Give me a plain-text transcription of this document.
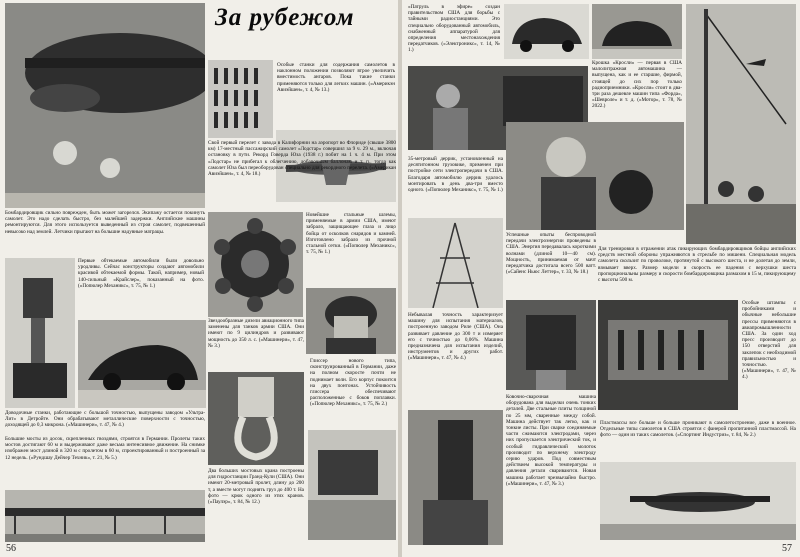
За рубежом
Бомбардировщик сильно поврежден, быть может загорелся. Экипажу остается покинуть самолет. Это надо сделать быстро, без малейшей задержки. Английские машины ремонтируются. Для этого используется выведенный из строя самолет, подвешенный невысоко над землей. Летчики прыгают на большие надувные матрацы.
Особые станки для содержания самолетов в наклонном положении позволяют втрое увеличить вместимость ангаров. Пока такие станки применяются только для легких машин. («Америкэн Авиэйшен», т. 4, № 13.)
Свой первый перелет с завода в Калифорнии на аэропорт во Флориде (свыше 3800 км) 17-местный пассажирский самолет «Лодстар» совершил за 9 ч. 29 м., включая остановку в пути. Рекорд Говерда Юза (1938 г.) побит на 1 ч. 4 м. При этом «Лодстар» не прибегал к облегчению, добавочным баллонам и т. п., тогда как самолет Юза был переоборудован специально для рекордного перелета. («Американ Авиэйшен», т. 4, № 18.)
Новейшие стальные шлемы, применяемые в армии США, имеют забрало, защищающее глаза и лицо бойца от осколков снарядов и камней. Изготовлено забрало из прочной стальной сетки. («Попюлер Механикс», т. 75, № 1.)
Звездообразные дизели авиационного типа заменены для танков армии США. Они имеют по 9 цилиндров и развивают мощность до 350 л. с. («Машинери», т. 47, № 3.)
Первые обтекаемые автомобили были довольно уродливы. Сейчас конструкторы создают автомобили красивой обтекаемой формы. Такой, например, новый 140-сильный «Крайслер», показанный на фото. («Попюлер Механикс», т. 75, № 1.)
Доводочные станки, работающие с большой точностью, выпущены заводом «Ультра-Лит» в Детройте. Они обрабатывают металлические поверхности с точностью, доходящей до 0,3 микрона. («Машинери», т. 47, № 4.)
Большие мосты из досок, скрепленных гвоздями, строятся в Германии. Пролеты таких мостов достигают 60 м и выдерживают даже весьма интенсивное движение. На снимке изображен мост длиной в 320 м с пролетом в 60 м, спроектированный и построенный за 12 недель. («Рундшау Дейчер Техник», т. 21, № 5.)
Глиссер нового типа, сконструированный в Германии, даже на полном скоросте почти не поднимает волн. Его корпус покоится на двух понтонах. Устойчивость глиссера обеспечивают расположенные с боков поплавки. («Попюлер Механикс», т. 75, № 2.)
Два больших мостовых крана построены для гидростанции Гранд-Кули (США). Они имеют 20-метровый пролет, длину до 200 т, а вместе могут поднять груз до 400 т. На фото — крюк одного из этих кранов. («Паулэр», т. 84, № 12.)
56
«Патруль в эфире» создан правительством США для борьбы с тайными радиостанциями. Это специально оборудованный автомобиль, снабженный аппаратурой для определения местонахождения передатчиков. («Электроникс», т. 14, № 1.)
Крошка «Кросли» — первая в США малолитражная автомашина — выпущена, как и ее старшие, фирмой, стоящей до сих пор только радиоприемники. «Кросли» стоит в два-три раза дешевле машин типа «Форда», «Шевроле» и т. д. («Мотор», т. 78, № 2022.)
35-метровый деррик, установленный на десятитонном грузовике, применен при постройке сети электропередачи в США. Благодаря автомобилю деррик удалось монтировать в день два-три вместо одного. («Попюлер Механикс», т. 75, № 1.)
Успешные опыты беспроводной передачи электроэнергии проведены в США. Энергия передавалась короткими волнами (длиной 10—40 см). Мощность, принимаемая от мачт передатчика достигала всего 500 ватт. («Сайенс Ньюс Леттер», т. 33, № 18.)
Для тренировки в отражении атак пикирующих бомбардировщиков бойцы английских средств местной обороны упражняются в стрельбе по мишени. Специальная модель самолета скользит по проволоке, протянутой с высокого шеста, и не долетая до земли, взмывает вверх. Размер модели и скорость ее падения с верхушки шеста пропорциональны размеру и скорости бомбардировщика размахом в 15 м, пикирующему с высоты 500 м.
Небывалая точность характеризует машину для испытания материалов, построенную заводом Риле (США). Она развивает давление до 300 т и измеряет его с точностью до 0,06%. Машина предназначена для испытания изделий, инструментов и других работ. («Машинери», т. 47, № 4.)
Особые штампы с пробойниками и обычные небольшие прессы применяются в авиапромышленности США. За один ход пресс производит до 150 отверстий для заклепок с необходимой правильностью и точностью. («Машинери», т. 47, № 4.)
Ковочно-сварочная машина оборудована для выделки очень тонких деталей. Две стальные плиты толщиной по 25 мм, сваренные между собой. Машина действует так легко, как и тонкие листы. При сварке соединяемые части сжимаются электродами, через них пропускается электрический ток, и особый гидравлический молоток производит по верхнему электроду серию ударов. Под совместным действием высокой температуры и давления детали свариваются. Новая машина работает чрезвычайно быстро. («Машинери», т. 47, № 3.)
Пластмассы все больше и больше проникают в самолетостроение, даже в военное. Отдельные типы самолетов в США строятся с фанерой пропитанной пластмассой. На фото — один из таких самолетов. («Спортинг Индустриз», т. 84, № 2.)
57
